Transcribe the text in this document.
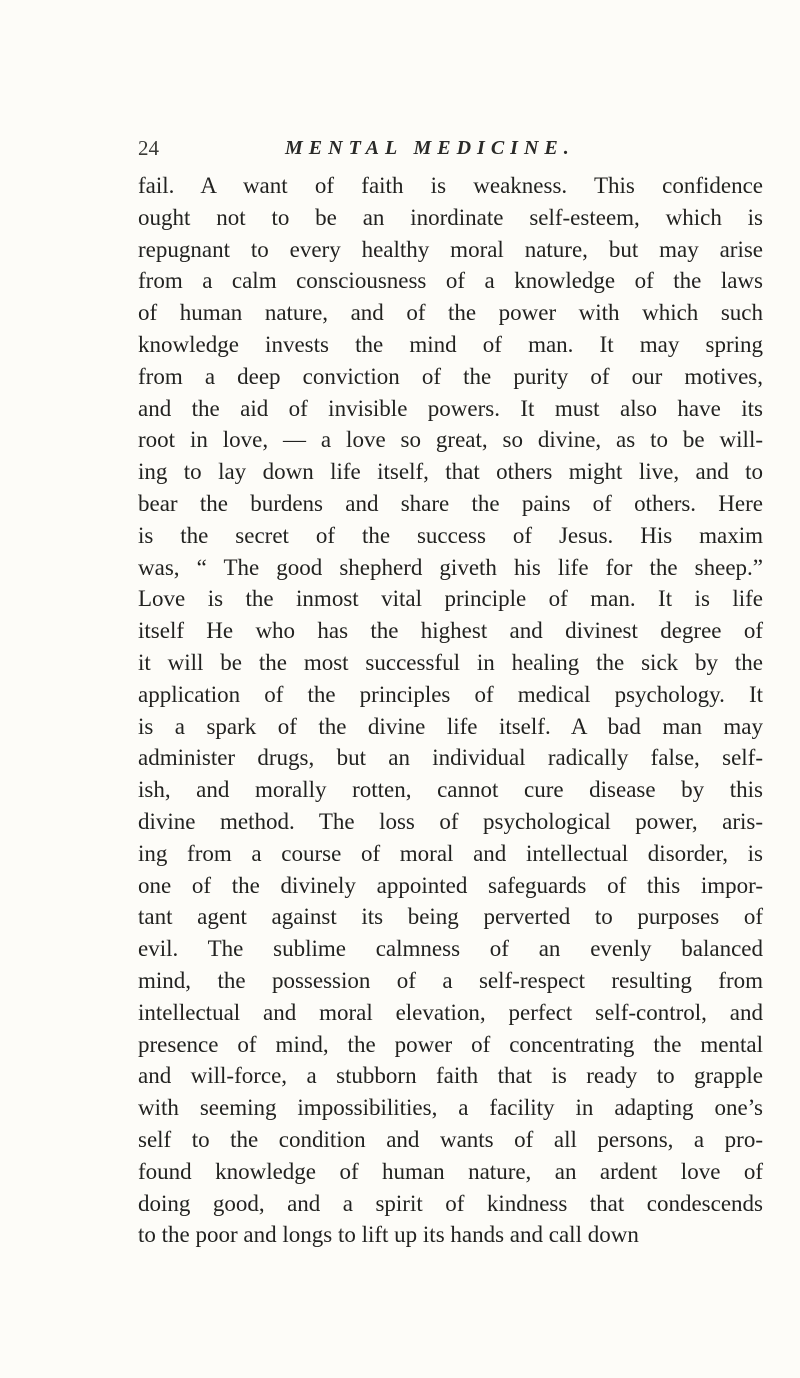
24	MENTAL MEDICINE.
fail. A want of faith is weakness. This confidence
ought not to be an inordinate self-esteem, which is
repugnant to every healthy moral nature, but may arise
from a calm consciousness of a knowledge of the laws
of human nature, and of the power with which such
knowledge invests the mind of man. It may spring
from a deep conviction of the purity of our motives,
and the aid of invisible powers. It must also have its
root in love, — a love so great, so divine, as to be will-
ing to lay down life itself, that others might live, and to
bear the burdens and share the pains of others. Here
is the secret of the success of Jesus. His maxim
was, “ The good shepherd giveth his life for the sheep.”
Love is the inmost vital principle of man. It is life
itself He who has the highest and divinest degree of
it will be the most successful in healing the sick by the
application of the principles of medical psychology. It
is a spark of the divine life itself. A bad man may
administer drugs, but an individual radically false, self-
ish, and morally rotten, cannot cure disease by this
divine method. The loss of psychological power, aris-
ing from a course of moral and intellectual disorder, is
one of the divinely appointed safeguards of this impor-
tant agent against its being perverted to purposes of
evil. The sublime calmness of an evenly balanced
mind, the possession of a self-respect resulting from
intellectual and moral elevation, perfect self-control, and
presence of mind, the power of concentrating the mental
and will-force, a stubborn faith that is ready to grapple
with seeming impossibilities, a facility in adapting one’s
self to the condition and wants of all persons, a pro-
found knowledge of human nature, an ardent love of
doing good, and a spirit of kindness that condescends
to the poor and longs to lift up its hands and call down
